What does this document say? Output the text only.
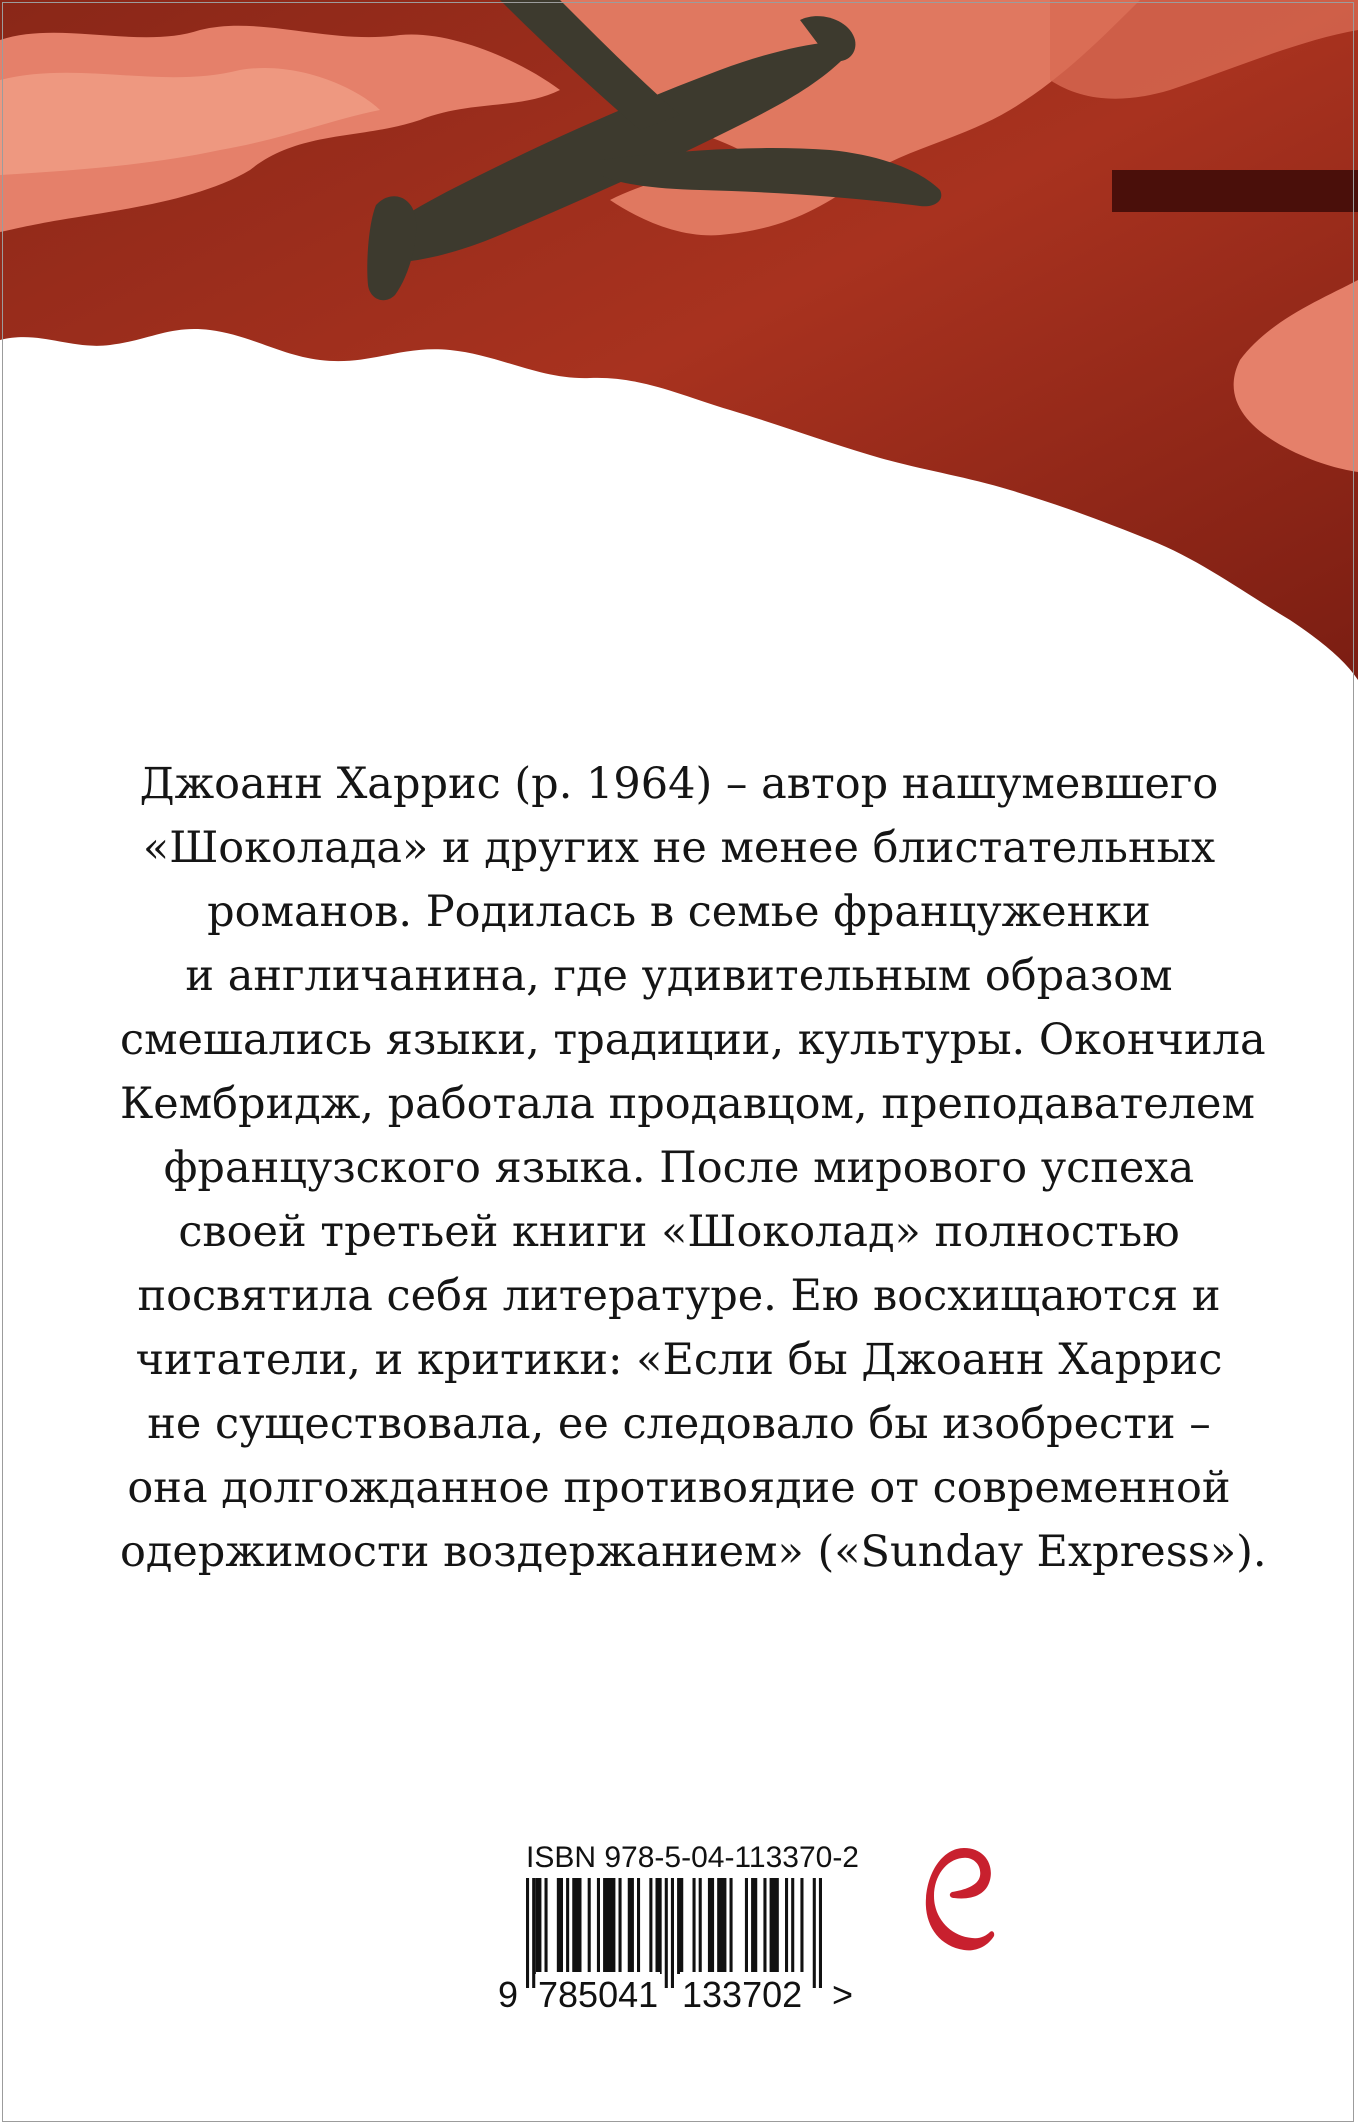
Джоанн Харрис (р. 1964) – автор нашумевшего
«Шоколада» и других не менее блистательных
романов. Родилась в семье француженки
и англичанина, где удивительным образом
смешались языки, традиции, культуры. Окончила
Кембридж, работала продавцом, преподавателем
французского языка. После мирового успеха
своей третьей книги «Шоколад» полностью
посвятила себя литературе. Ею восхищаются и
читатели, и критики: «Если бы Джоанн Харрис
не существовала, ее следовало бы изобрести –
она долгожданное противоядие от современной
одержимости воздержанием» («Sunday Express»).
ISBN 978-5-04-113370-2
9 785041 133702 >
